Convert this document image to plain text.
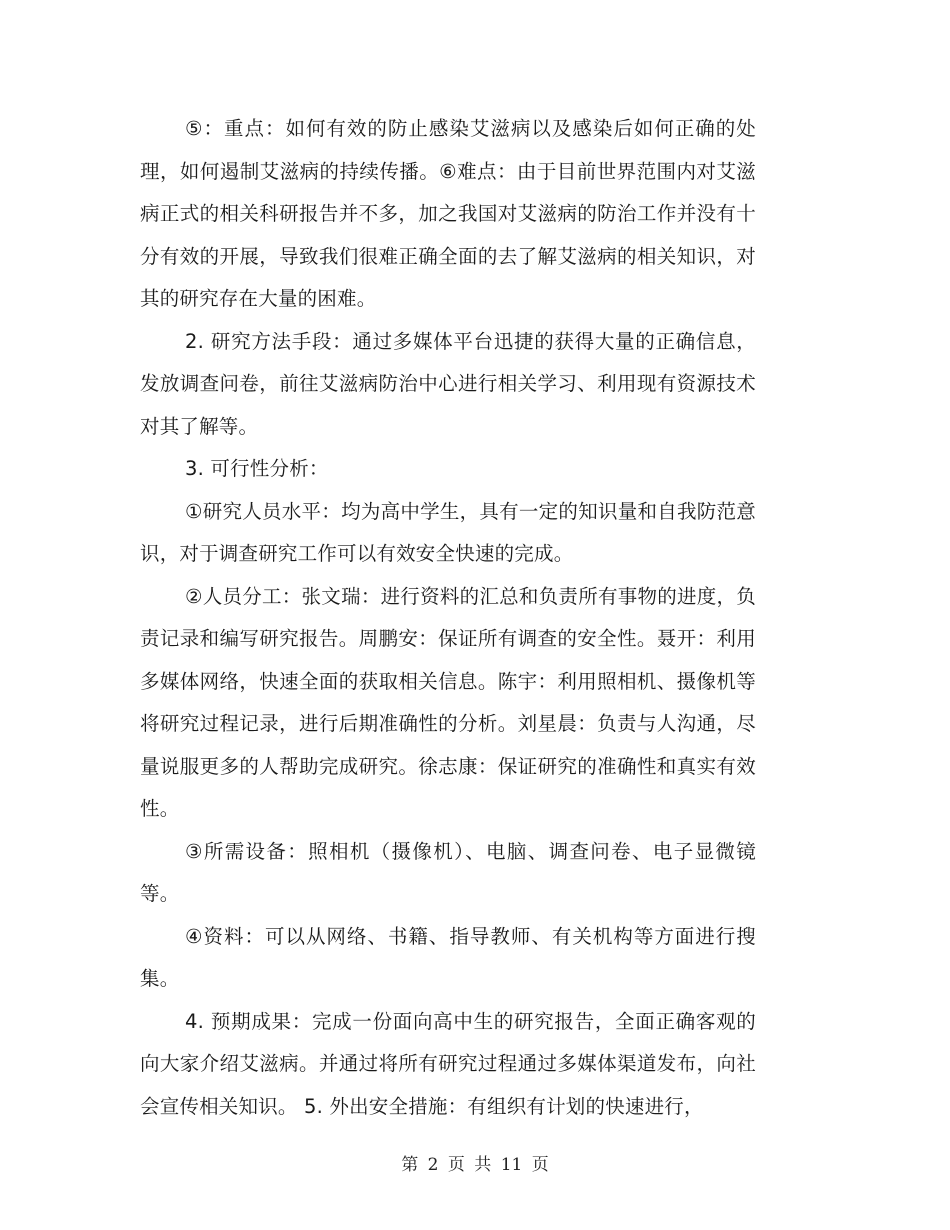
⑤：重点：如何有效的防止感染艾滋病以及感染后如何正确的处理，如何遏制艾滋病的持续传播。⑥难点：由于目前世界范围内对艾滋病正式的相关科研报告并不多，加之我国对艾滋病的防治工作并没有十分有效的开展，导致我们很难正确全面的去了解艾滋病的相关知识，对其的研究存在大量的困难。

2. 研究方法手段：通过多媒体平台迅捷的获得大量的正确信息，发放调查问卷，前往艾滋病防治中心进行相关学习、利用现有资源技术对其了解等。

3. 可行性分析：

①研究人员水平：均为高中学生，具有一定的知识量和自我防范意识，对于调查研究工作可以有效安全快速的完成。

②人员分工：张文瑞：进行资料的汇总和负责所有事物的进度，负责记录和编写研究报告。周鹏安：保证所有调查的安全性。聂开：利用多媒体网络，快速全面的获取相关信息。陈宇：利用照相机、摄像机等将研究过程记录，进行后期准确性的分析。刘星晨：负责与人沟通，尽量说服更多的人帮助完成研究。徐志康：保证研究的准确性和真实有效性。

③所需设备：照相机（摄像机）、电脑、调查问卷、电子显微镜等。

④资料：可以从网络、书籍、指导教师、有关机构等方面进行搜集。

4. 预期成果：完成一份面向高中生的研究报告，全面正确客观的向大家介绍艾滋病。并通过将所有研究过程通过多媒体渠道发布，向社会宣传相关知识。 5. 外出安全措施：有组织有计划的快速进行，

第 2 页 共 11 页
